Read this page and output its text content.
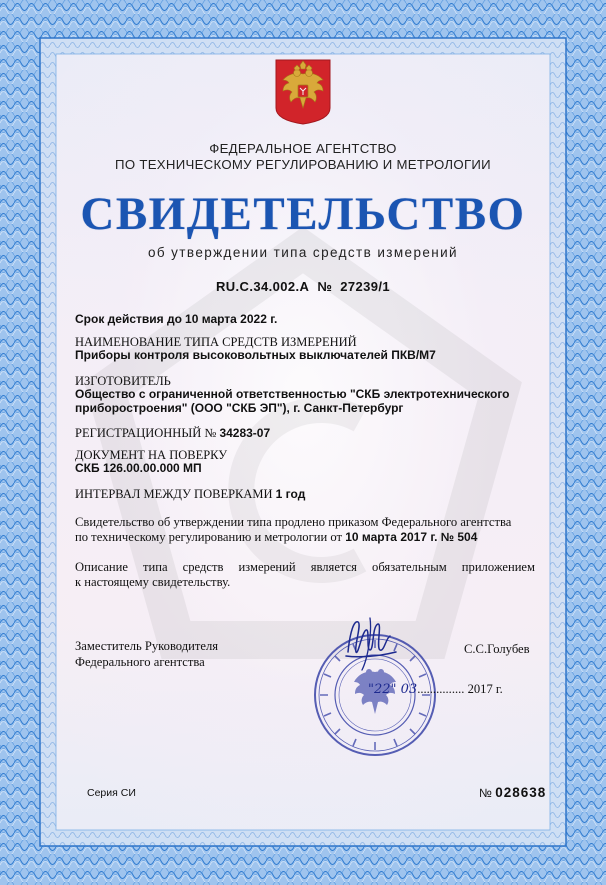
ФЕДЕРАЛЬНОЕ АГЕНТСТВО
ПО ТЕХНИЧЕСКОМУ РЕГУЛИРОВАНИЮ И МЕТРОЛОГИИ
СВИДЕТЕЛЬСТВО
об утверждении типа средств измерений
RU.C.34.002.A № 27239/1
Срок действия до 10 марта 2022 г.
НАИМЕНОВАНИЕ ТИПА СРЕДСТВ ИЗМЕРЕНИЙ
Приборы контроля высоковольтных выключателей ПКВ/М7
ИЗГОТОВИТЕЛЬ
Общество с ограниченной ответственностью "СКБ электротехнического
приборостроения" (ООО "СКБ ЭП"), г. Санкт-Петербург
РЕГИСТРАЦИОННЫЙ № 34283-07
ДОКУМЕНТ НА ПОВЕРКУ
СКБ 126.00.00.000 МП
ИНТЕРВАЛ МЕЖДУ ПОВЕРКАМИ 1 год
Свидетельство об утверждении типа продлено приказом Федерального агентства
по техническому регулированию и метрологии от 10 марта 2017 г. № 504
Описание типа средств измерений является обязательным приложением
к настоящему свидетельству.
Заместитель Руководителя
Федерального агентства
С.С.Голубев
"22" 03............... 2017 г.
Серия СИ	№ 028638
